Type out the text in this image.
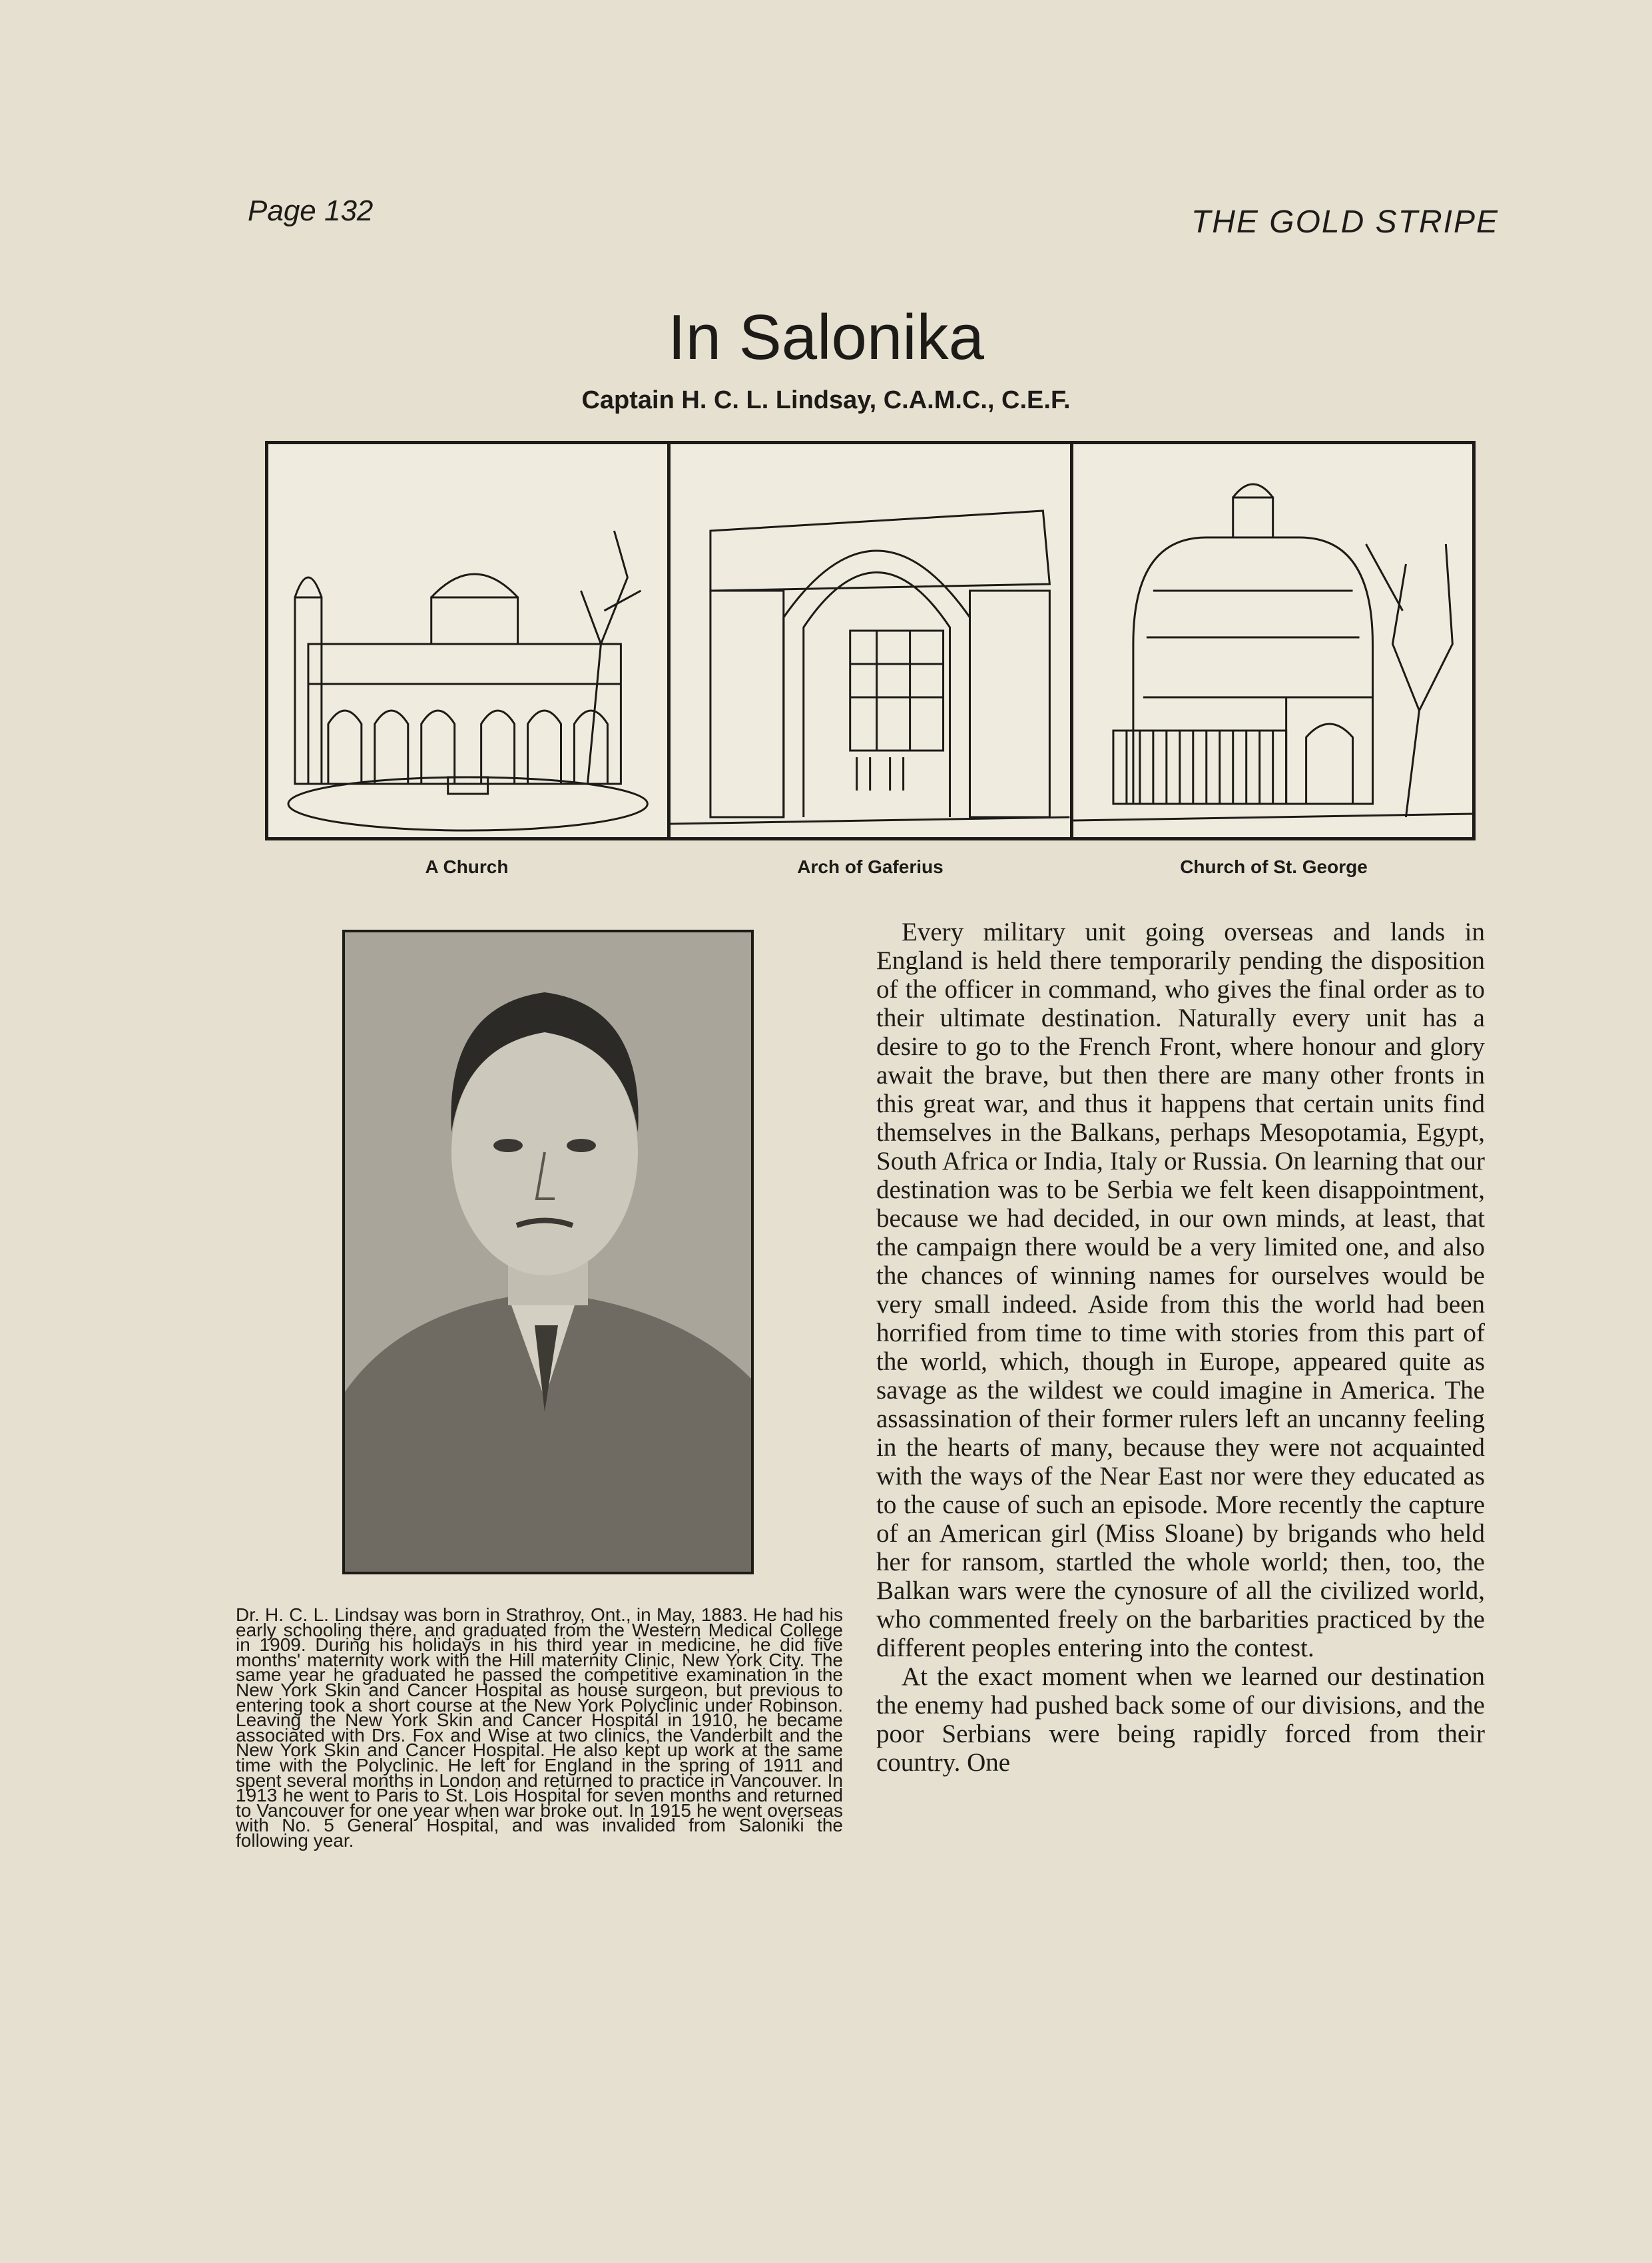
Page 132	THE GOLD STRIPE
In Salonika
Captain H. C. L. Lindsay, C.A.M.C., C.E.F.
A Church	Arch of Gaferius	Church of St. George
Dr. H. C. L. Lindsay was born in Strathroy, Ont., in May, 1883. He had his early schooling there, and graduated from the Western Medical College in 1909. During his holidays in his third year in medicine, he did five months' maternity work with the Hill maternity Clinic, New York City. The same year he graduated he passed the competitive examination in the New York Skin and Cancer Hospital as house surgeon, but previous to entering took a short course at the New York Polyclinic under Robinson. Leaving the New York Skin and Cancer Hospital in 1910, he became associated with Drs. Fox and Wise at two clinics, the Vanderbilt and the New York Skin and Cancer Hospital. He also kept up work at the same time with the Polyclinic. He left for England in the spring of 1911 and spent several months in London and returned to practice in Vancouver. In 1913 he went to Paris to St. Lois Hospital for seven months and returned to Vancouver for one year when war broke out. In 1915 he went overseas with No. 5 General Hospital, and was invalided from Saloniki the following year.

Every military unit going overseas and lands in England is held there temporarily pending the disposition of the officer in command, who gives the final order as to their ultimate destination. Naturally every unit has a desire to go to the French Front, where honour and glory await the brave, but then there are many other fronts in this great war, and thus it happens that certain units find themselves in the Balkans, perhaps Mesopotamia, Egypt, South Africa or India, Italy or Russia. On learning that our destination was to be Serbia we felt keen disappointment, because we had decided, in our own minds, at least, that the campaign there would be a very limited one, and also the chances of winning names for ourselves would be very small indeed. Aside from this the world had been horrified from time to time with stories from this part of the world, which, though in Europe, appeared quite as savage as the wildest we could imagine in America. The assassination of their former rulers left an uncanny feeling in the hearts of many, because they were not acquainted with the ways of the Near East nor were they educated as to the cause of such an episode. More recently the capture of an American girl (Miss Sloane) by brigands who held her for ransom, startled the whole world; then, too, the Balkan wars were the cynosure of all the civilized world, who commented freely on the barbarities practiced by the different peoples entering into the contest.

At the exact moment when we learned our destination the enemy had pushed back some of our divisions, and the poor Serbians were being rapidly forced from their country. One
